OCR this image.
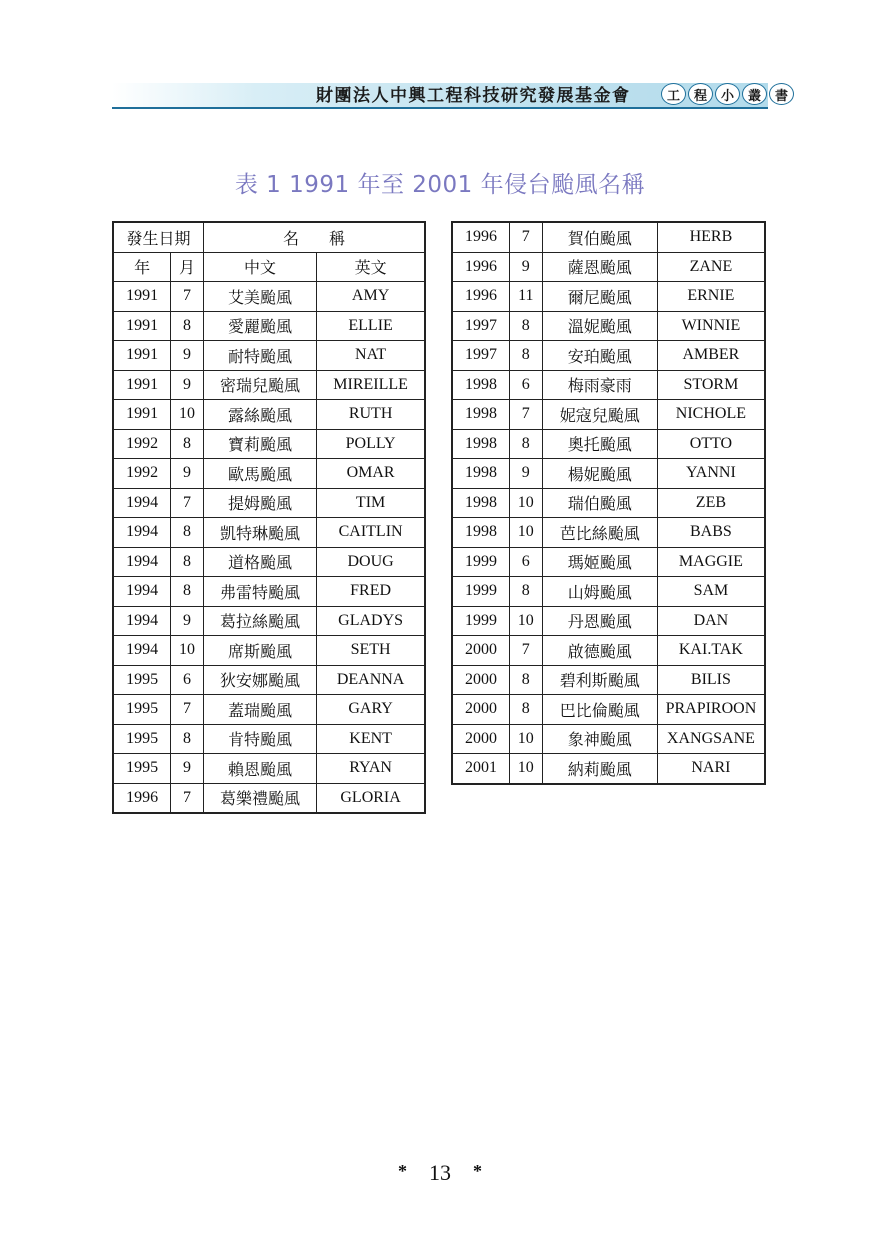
財團法人中興工程科技研究發展基金會	工	程	小	叢	書
表 1 1991 年至 2001 年侵台颱風名稱
發生日期		名稱	
年	月	中文	英文
1991	7	艾美颱風	AMY
1991	8	愛麗颱風	ELLIE
1991	9	耐特颱風	NAT
1991	9	密瑞兒颱風	MIREILLE
1991	10	露絲颱風	RUTH
1992	8	寶莉颱風	POLLY
1992	9	歐馬颱風	OMAR
1994	7	提姆颱風	TIM
1994	8	凱特琳颱風	CAITLIN
1994	8	道格颱風	DOUG
1994	8	弗雷特颱風	FRED
1994	9	葛拉絲颱風	GLADYS
1994	10	席斯颱風	SETH
1995	6	狄安娜颱風	DEANNA
1995	7	蓋瑞颱風	GARY
1995	8	肯特颱風	KENT
1995	9	賴恩颱風	RYAN
1996	7	葛樂禮颱風	GLORIA
1996	7	賀伯颱風	HERB
1996	9	薩恩颱風	ZANE
1996	11	爾尼颱風	ERNIE
1997	8	溫妮颱風	WINNIE
1997	8	安珀颱風	AMBER
1998	6	梅雨豪雨	STORM
1998	7	妮寇兒颱風	NICHOLE
1998	8	奧托颱風	OTTO
1998	9	楊妮颱風	YANNI
1998	10	瑞伯颱風	ZEB
1998	10	芭比絲颱風	BABS
1999	6	瑪姬颱風	MAGGIE
1999	8	山姆颱風	SAM
1999	10	丹恩颱風	DAN
2000	7	啟德颱風	KAI.TAK
2000	8	碧利斯颱風	BILIS
2000	8	巴比倫颱風	PRAPIROON
2000	10	象神颱風	XANGSANE
2001	10	納莉颱風	NARI
* 13 *
